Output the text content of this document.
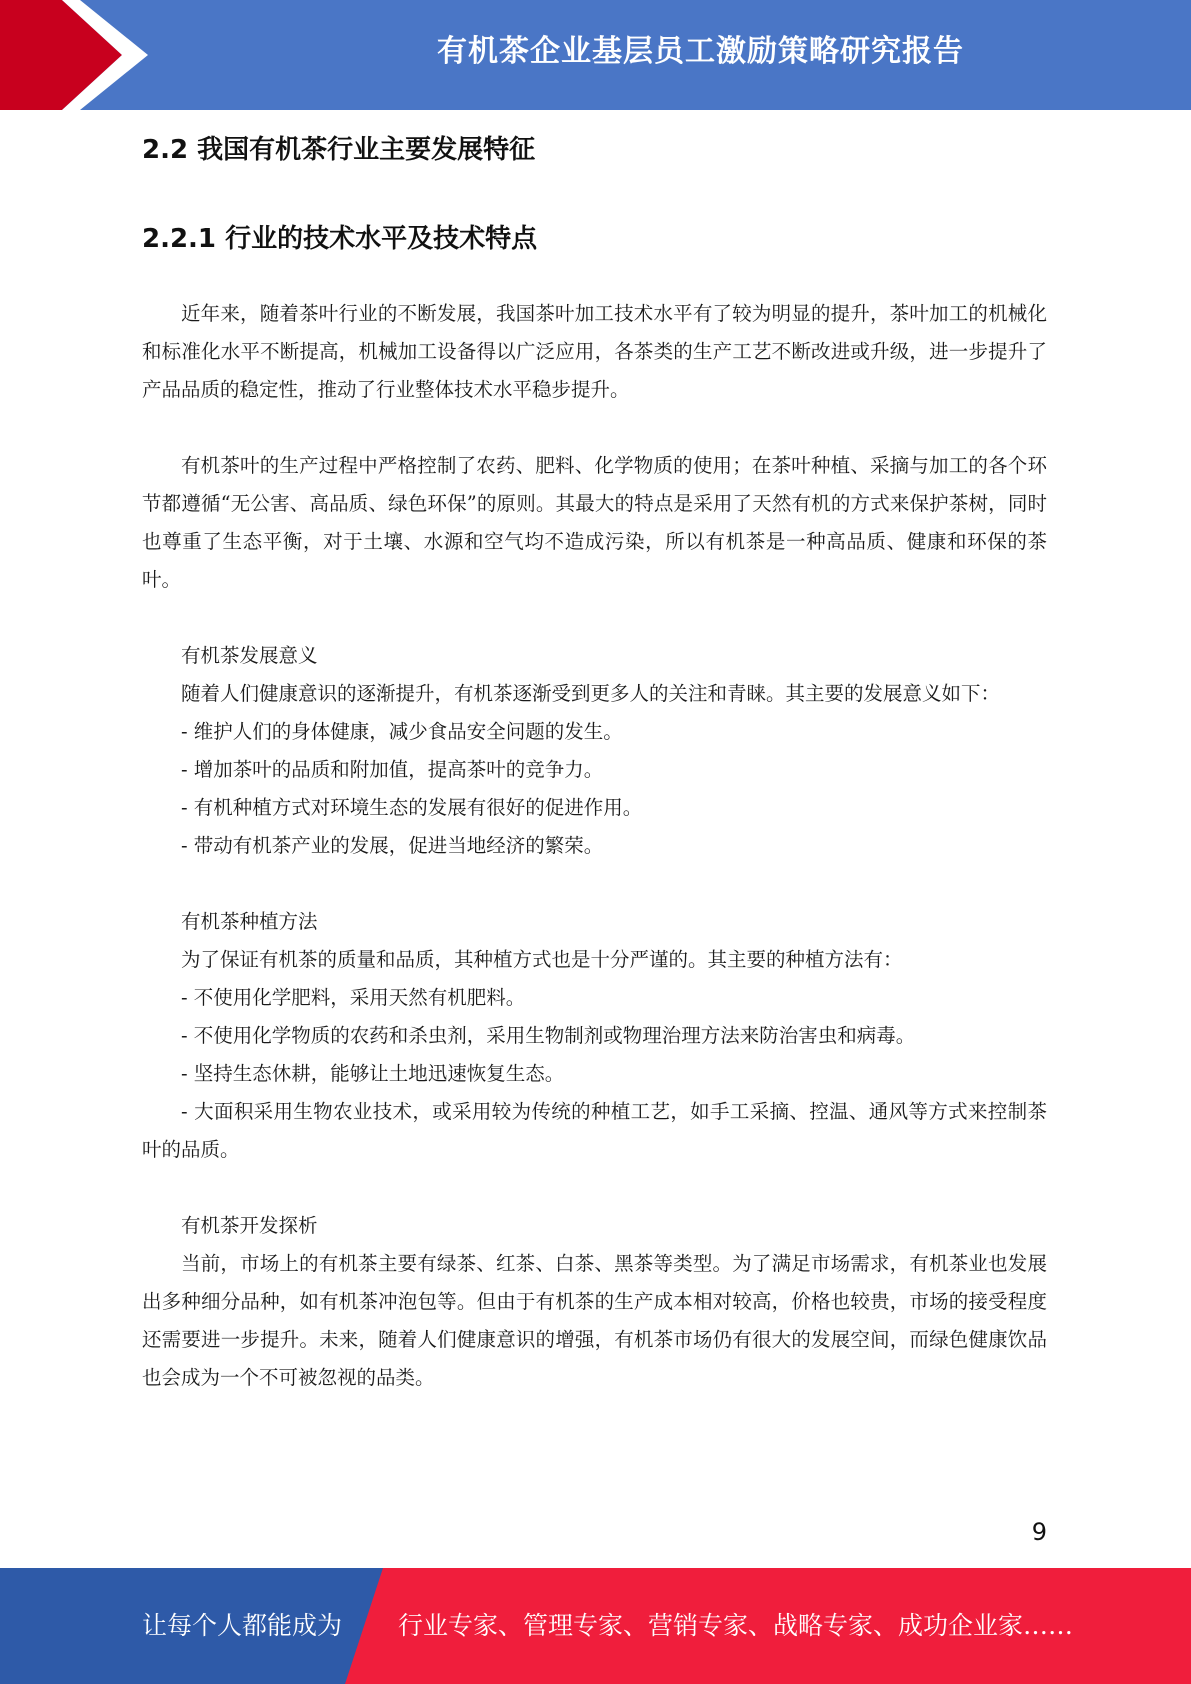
有机茶企业基层员工激励策略研究报告
2.2 我国有机茶行业主要发展特征
2.2.1 行业的技术水平及技术特点

近年来，随着茶叶行业的不断发展，我国茶叶加工技术水平有了较为明显的提升，茶叶加工的机械化和标准化水平不断提高，机械加工设备得以广泛应用，各茶类的生产工艺不断改进或升级，进一步提升了产品品质的稳定性，推动了行业整体技术水平稳步提升。

有机茶叶的生产过程中严格控制了农药、肥料、化学物质的使用；在茶叶种植、采摘与加工的各个环节都遵循“无公害、高品质、绿色环保”的原则。其最大的特点是采用了天然有机的方式来保护茶树，同时也尊重了生态平衡，对于土壤、水源和空气均不造成污染，所以有机茶是一种高品质、健康和环保的茶叶。

有机茶发展意义

随着人们健康意识的逐渐提升，有机茶逐渐受到更多人的关注和青睐。其主要的发展意义如下：

- 维护人们的身体健康，减少食品安全问题的发生。

- 增加茶叶的品质和附加值，提高茶叶的竞争力。

- 有机种植方式对环境生态的发展有很好的促进作用。

- 带动有机茶产业的发展，促进当地经济的繁荣。

有机茶种植方法

为了保证有机茶的质量和品质，其种植方式也是十分严谨的。其主要的种植方法有：

- 不使用化学肥料，采用天然有机肥料。

- 不使用化学物质的农药和杀虫剂，采用生物制剂或物理治理方法来防治害虫和病毒。

- 坚持生态休耕，能够让土地迅速恢复生态。

- 大面积采用生物农业技术，或采用较为传统的种植工艺，如手工采摘、控温、通风等方式来控制茶叶的品质。

有机茶开发探析

当前，市场上的有机茶主要有绿茶、红茶、白茶、黑茶等类型。为了满足市场需求，有机茶业也发展出多种细分品种，如有机茶冲泡包等。但由于有机茶的生产成本相对较高，价格也较贵，市场的接受程度还需要进一步提升。未来，随着人们健康意识的增强，有机茶市场仍有很大的发展空间，而绿色健康饮品也会成为一个不可被忽视的品类。

9
让每个人都能成为 行业专家、管理专家、营销专家、战略专家、成功企业家……
